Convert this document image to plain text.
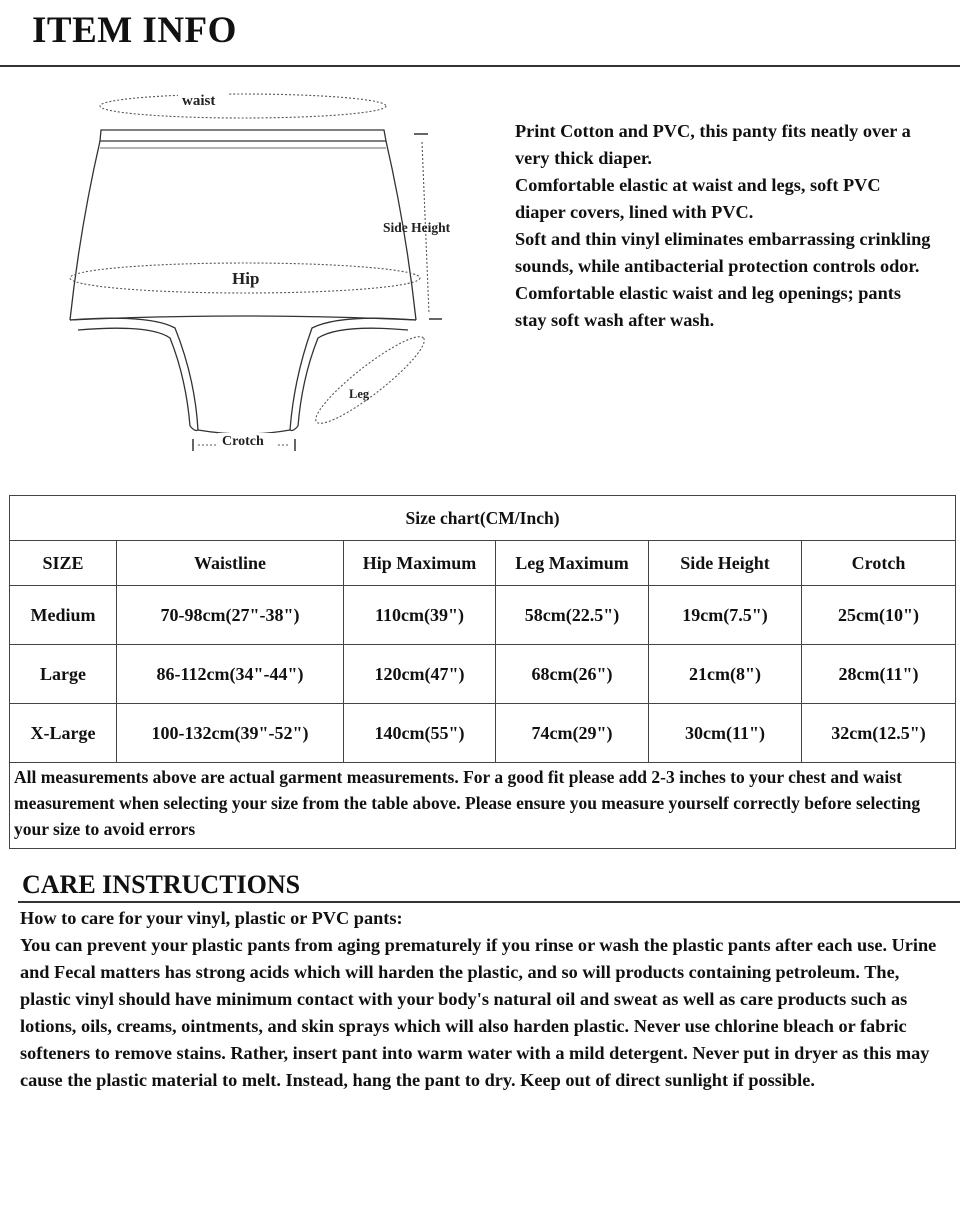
ITEM INFO
waist
Hip
Side Height
Leg
Crotch

Print Cotton and PVC, this panty fits neatly over a very thick diaper.

Comfortable elastic at waist and legs, soft PVC diaper covers, lined with PVC.

Soft and thin vinyl eliminates embarrassing crinkling sounds, while antibacterial protection controls odor. Comfortable elastic waist and leg openings; pants stay soft wash after wash.

Size chart(CM/Inch)					
SIZE	Waistline	Hip Maximum	Leg Maximum	Side Height	Crotch
Medium	70-98cm(27"-38")	110cm(39")	58cm(22.5")	19cm(7.5")	25cm(10")
Large	86-112cm(34"-44")	120cm(47")	68cm(26")	21cm(8")	28cm(11")
X-Large	100-132cm(39"-52")	140cm(55")	74cm(29")	30cm(11")	32cm(12.5")
All measurements above are actual garment measurements. For a good fit please add 2-3 inches to your chest and waist measurement when selecting your size from the table above. Please ensure you measure yourself correctly before selecting your size to avoid errors					
CARE INSTRUCTIONS

How to care for your vinyl, plastic or PVC pants:

You can prevent your plastic pants from aging prematurely if you rinse or wash the plastic pants after each use. Urine and Fecal matters has strong acids which will harden the plastic, and so will products containing petroleum. The, plastic vinyl should have minimum contact with your body's natural oil and sweat as well as care products such as lotions, oils, creams, ointments, and skin sprays which will also harden plastic. Never use chlorine bleach or fabric softeners to remove stains. Rather, insert pant into warm water with a mild detergent. Never put in dryer as this may cause the plastic material to melt. Instead, hang the pant to dry. Keep out of direct sunlight if possible.
